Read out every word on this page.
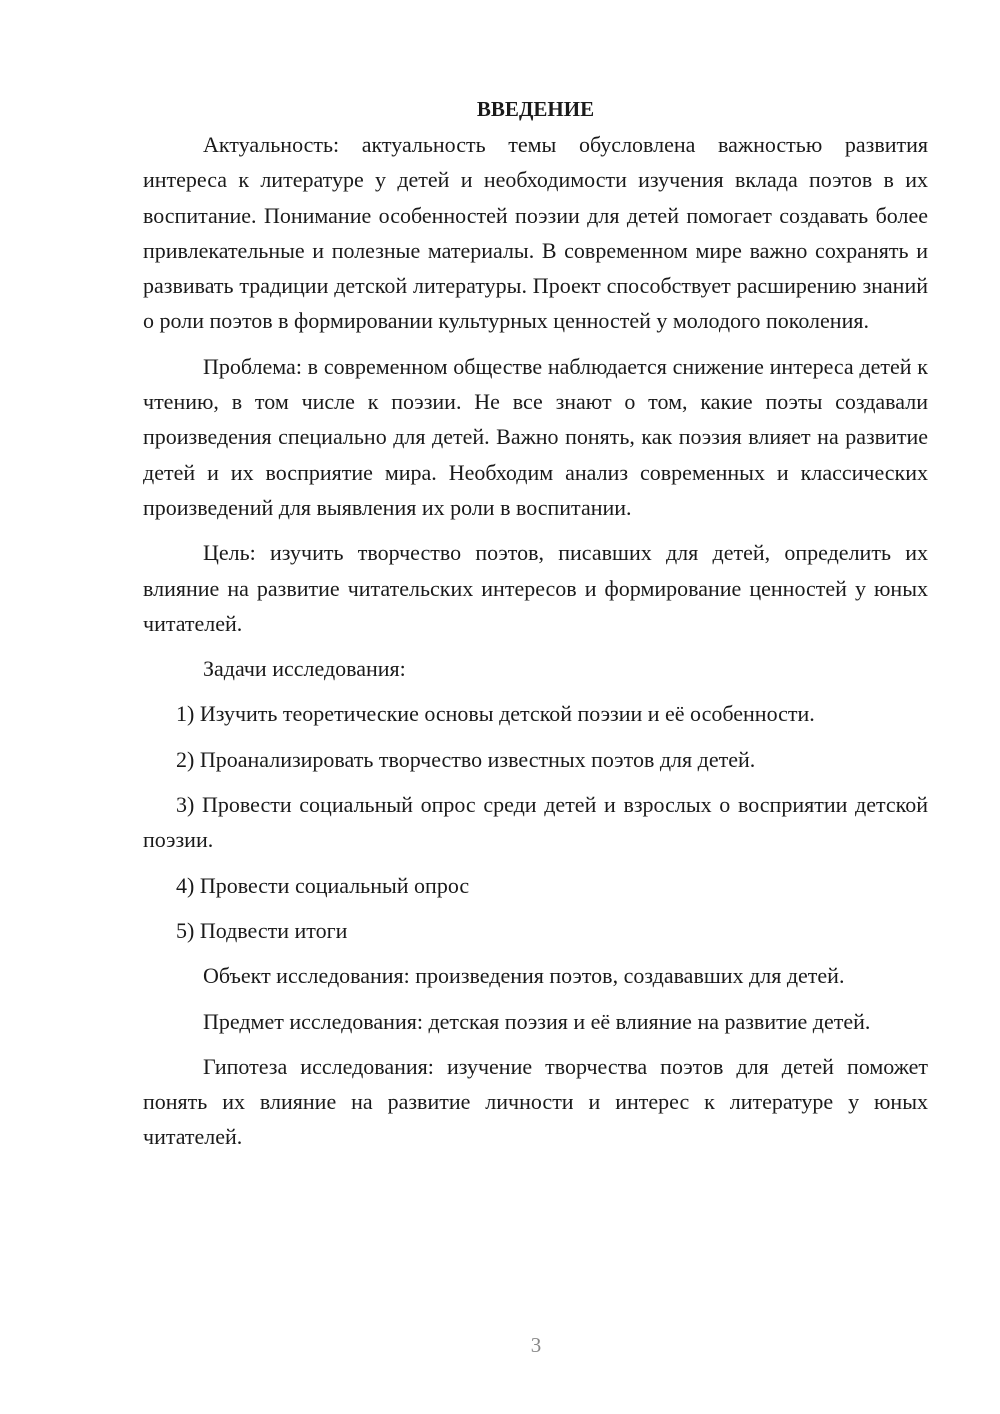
ВВЕДЕНИЕ

Актуальность: актуальность темы обусловлена важностью развития интереса к литературе у детей и необходимости изучения вклада поэтов в их воспитание. Понимание особенностей поэзии для детей помогает создавать более привлекательные и полезные материалы. В современном мире важно сохранять и развивать традиции детской литературы. Проект способствует расширению знаний о роли поэтов в формировании культурных ценностей у молодого поколения.

Проблема: в современном обществе наблюдается снижение интереса детей к чтению, в том числе к поэзии. Не все знают о том, какие поэты создавали произведения специально для детей. Важно понять, как поэзия влияет на развитие детей и их восприятие мира. Необходим анализ современных и классических произведений для выявления их роли в воспитании.

Цель: изучить творчество поэтов, писавших для детей, определить их влияние на развитие читательских интересов и формирование ценностей у юных читателей.

Задачи исследования:

1) Изучить теоретические основы детской поэзии и её особенности.

2) Проанализировать творчество известных поэтов для детей.

3) Провести социальный опрос среди детей и взрослых о восприятии детской поэзии.

4) Провести социальный опрос

5) Подвести итоги

Объект исследования: произведения поэтов, создававших для детей.

Предмет исследования: детская поэзия и её влияние на развитие детей.

Гипотеза исследования: изучение творчества поэтов для детей поможет понять их влияние на развитие личности и интерес к литературе у юных читателей.

3
